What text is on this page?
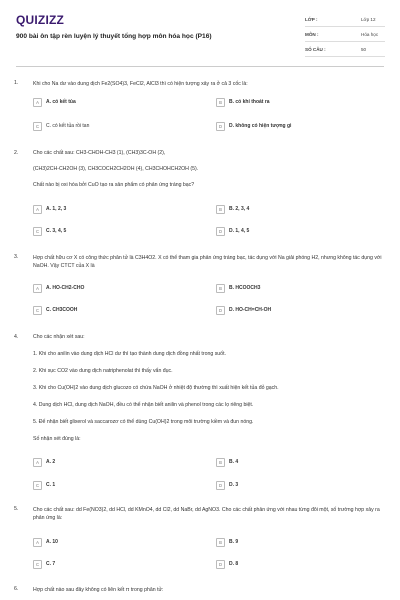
QUIZIZZ
900 bài ôn tập rèn luyện lý thuyết tổng hợp môn hóa học (P16)
LỚP :	Lớp 12
MÔN :	Hóa học
SỐ CÂU :	50
1.	Khi cho Na dư vào dung dịch Fe2(SO4)3, FeCl2, AlCl3 thì có hiện tượng xảy ra ở cả 3 cốc là:
A	A. có kết tủa	B	B. có khí thoát ra
C	C. có kết tủa rồi tan	D	D. không có hiện tượng gì
2.	Cho các chất sau: CH3-CHOH-CH3 (1), (CH3)3C-OH (2),
(CH3)2CH-CH2OH (3), CH3COCH2CH2OH (4), CH3CHOHCH2OH (5).
Chất nào bị oxi hóa bởi CuO tạo ra sản phẩm có phản ứng tráng bạc?
A	A. 1, 2, 3	B	B. 2, 3, 4
C	C. 3, 4, 5	D	D. 1, 4, 5
3.	Hợp chất hữu cơ X có công thức phân tử là C3H4O2. X có thể tham gia phản ứng tráng bạc, tác dụng với Na giải phóng H2, nhưng không tác dụng với NaOH. Vậy CTCT của X là
A	A. HO-CH2-CHO	B	B. HCOOCH3
C	C. CH3COOH	D	D. HO-CH=CH-OH
4.	Cho các nhận xét sau:
1. Khi cho anilin vào dung dịch HCl dư thì tạo thành dung dịch đồng nhất trong suốt.
2. Khi sục CO2 vào dung dịch natriphenolat thì thấy vẩn đục.
3. Khi cho Cu(OH)2 vào dung dịch glucozo có chứa NaOH ở nhiệt độ thường thì xuất hiện kết tủa đỏ gạch.
4. Dung dịch HCl, dung dịch NaOH, đều có thể nhận biết anilin và phenol trong các lọ riêng biệt.
5. Để nhận biết glixerol và saccarozơ có thể dùng Cu(OH)2 trong môi trường kiềm và đun nóng.
Số nhận xét đúng là:
A	A. 2	B	B. 4
C	C. 1	D	D. 3
5.	Cho các chất sau: dd Fe(NO3)2, dd HCl, dd KMnO4, dd Cl2, dd NaBr, dd AgNO3. Cho các chất phản ứng với nhau từng đôi một, số trường hợp xảy ra phản ứng là:
A	A. 10	B	B. 9
C	C. 7	D	D. 8
6.	Hợp chất nào sau đây không có liên kết π trong phân tử:
